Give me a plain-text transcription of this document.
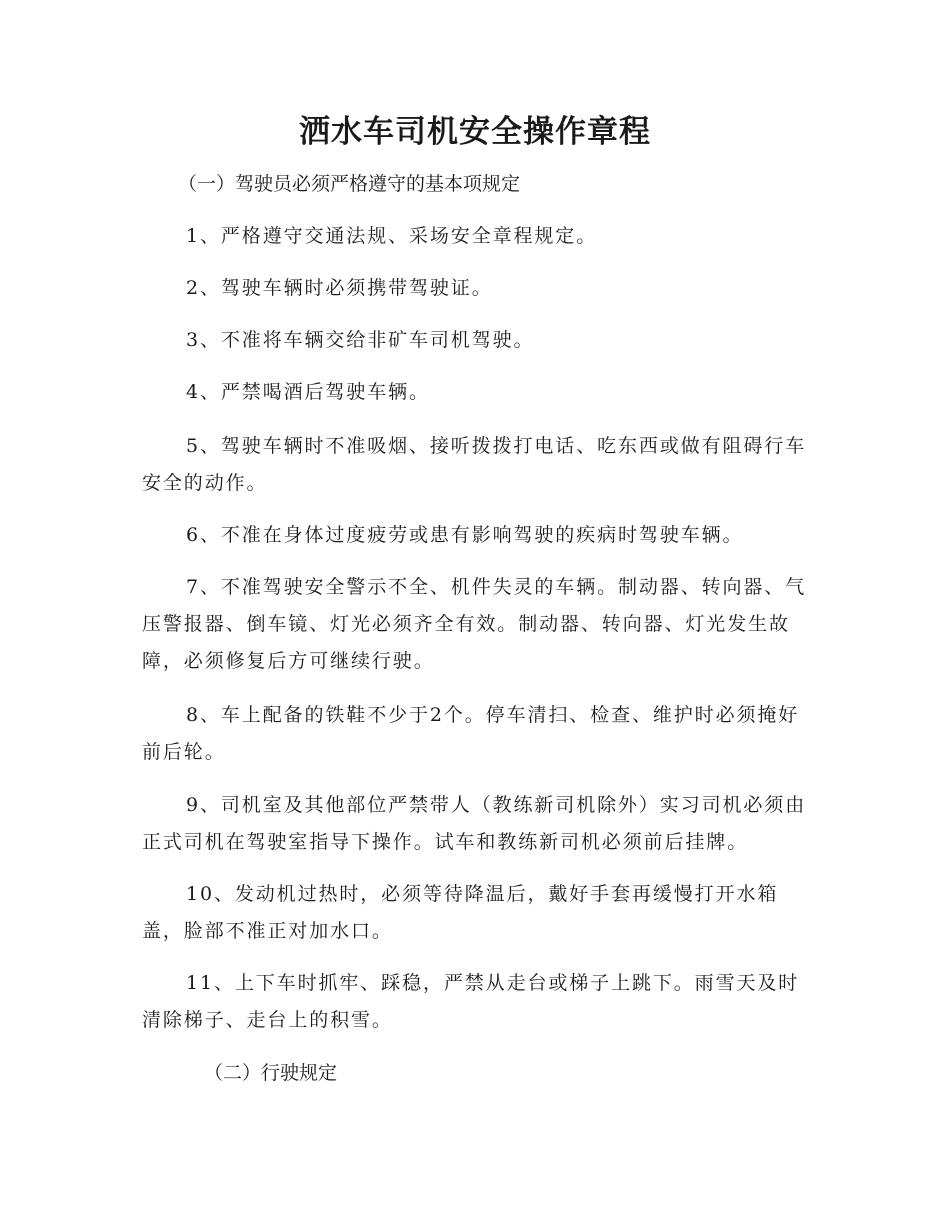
洒水车司机安全操作章程

（一）驾驶员必须严格遵守的基本项规定

1、严格遵守交通法规、采场安全章程规定。

2、驾驶车辆时必须携带驾驶证。

3、不准将车辆交给非矿车司机驾驶。

4、严禁喝酒后驾驶车辆。

5、驾驶车辆时不准吸烟、接听拨拨打电话、吃东西或做有阻碍行车安全的动作。

6、不准在身体过度疲劳或患有影响驾驶的疾病时驾驶车辆。

7、不准驾驶安全警示不全、机件失灵的车辆。制动器、转向器、气压警报器、倒车镜、灯光必须齐全有效。制动器、转向器、灯光发生故障，必须修复后方可继续行驶。

8、车上配备的铁鞋不少于2个。停车清扫、检查、维护时必须掩好前后轮。

9、司机室及其他部位严禁带人（教练新司机除外）实习司机必须由正式司机在驾驶室指导下操作。试车和教练新司机必须前后挂牌。

10、发动机过热时，必须等待降温后，戴好手套再缓慢打开水箱盖，脸部不准正对加水口。

11、上下车时抓牢、踩稳，严禁从走台或梯子上跳下。雨雪天及时清除梯子、走台上的积雪。

（二）行驶规定
